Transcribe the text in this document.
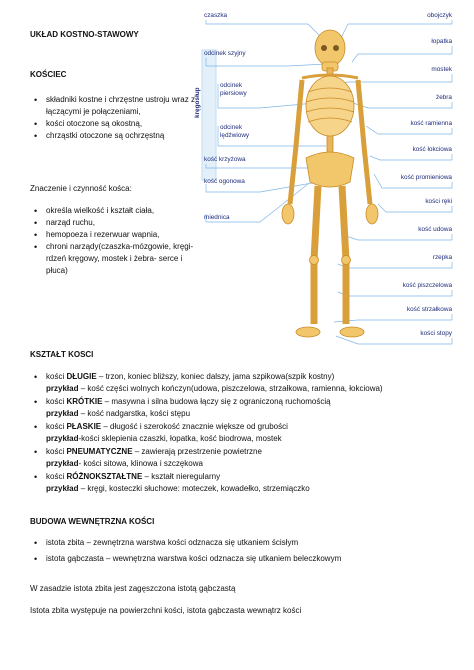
UKŁAD KOSTNO-STAWOWY
KOŚCIEC
• składniki kostne i chrzęstne ustroju wraz z łączącymi je połączeniami,
• kości otoczone są okostną,
• chrząstki otoczone są ochrzęstną
Znaczenie i czynność kośca:
• określa wielkość i kształt ciała,
• narząd ruchu,
• hemopoeza i rezerwuar wapnia,
• chroni narządy(czaszka-mózgowie, kręgi-rdzeń kręgowy, mostek i żebra- serce i płuca)
czaszka
odcinek szyjny
odcinek piersiowy
odcinek lędźwiowy
kość krzyżowa
kość ogonowa
miednica
kręgosłup
obojczyk
łopatka
mostek
żebra
kość ramienna
kość łokciowa
kość promieniowa
kości ręki
kość udowa
rzepka
kość piszczelowa
kość strzałkowa
kości stopy
KSZTAŁT KOSCI
• kości DŁUGIE – trzon, koniec bliższy, koniec dalszy, jama szpikowa(szpik kostny)
przykład – kość części wolnych kończyn(udowa, piszczelowa, strzałkowa, ramienna, łokciowa)
• kości KRÓTKIE – masywna i silna budowa łączy się z ograniczoną ruchomością
przykład – kość nadgarstka, kości stępu
• kości PŁASKIE – długość i szerokość znacznie większe od grubości
przykład-kości sklepienia czaszki, łopatka, kość biodrowa, mostek
• kości PNEUMATYCZNE – zawierają przestrzenie powietrzne
przykład- kości sitowa, klinowa i szczękowa
• kości RÓŻNOKSZTAŁTNE – kształt nieregularny
przykład – kręgi, kosteczki słuchowe: moteczek, kowadełko, strzemiączko
BUDOWA WEWNĘTRZNA KOŚCI
• istota zbita – zewnętrzna warstwa kości odznacza się utkaniem ścisłym
• istota gąbczasta – wewnętrzna warstwa kości odznacza się utkaniem beleczkowym
W zasadzie istota zbita jest zagęszczona istotą gąbczastą
Istota zbita występuje na powierzchni kości, istota gąbczasta wewnątrz kości
